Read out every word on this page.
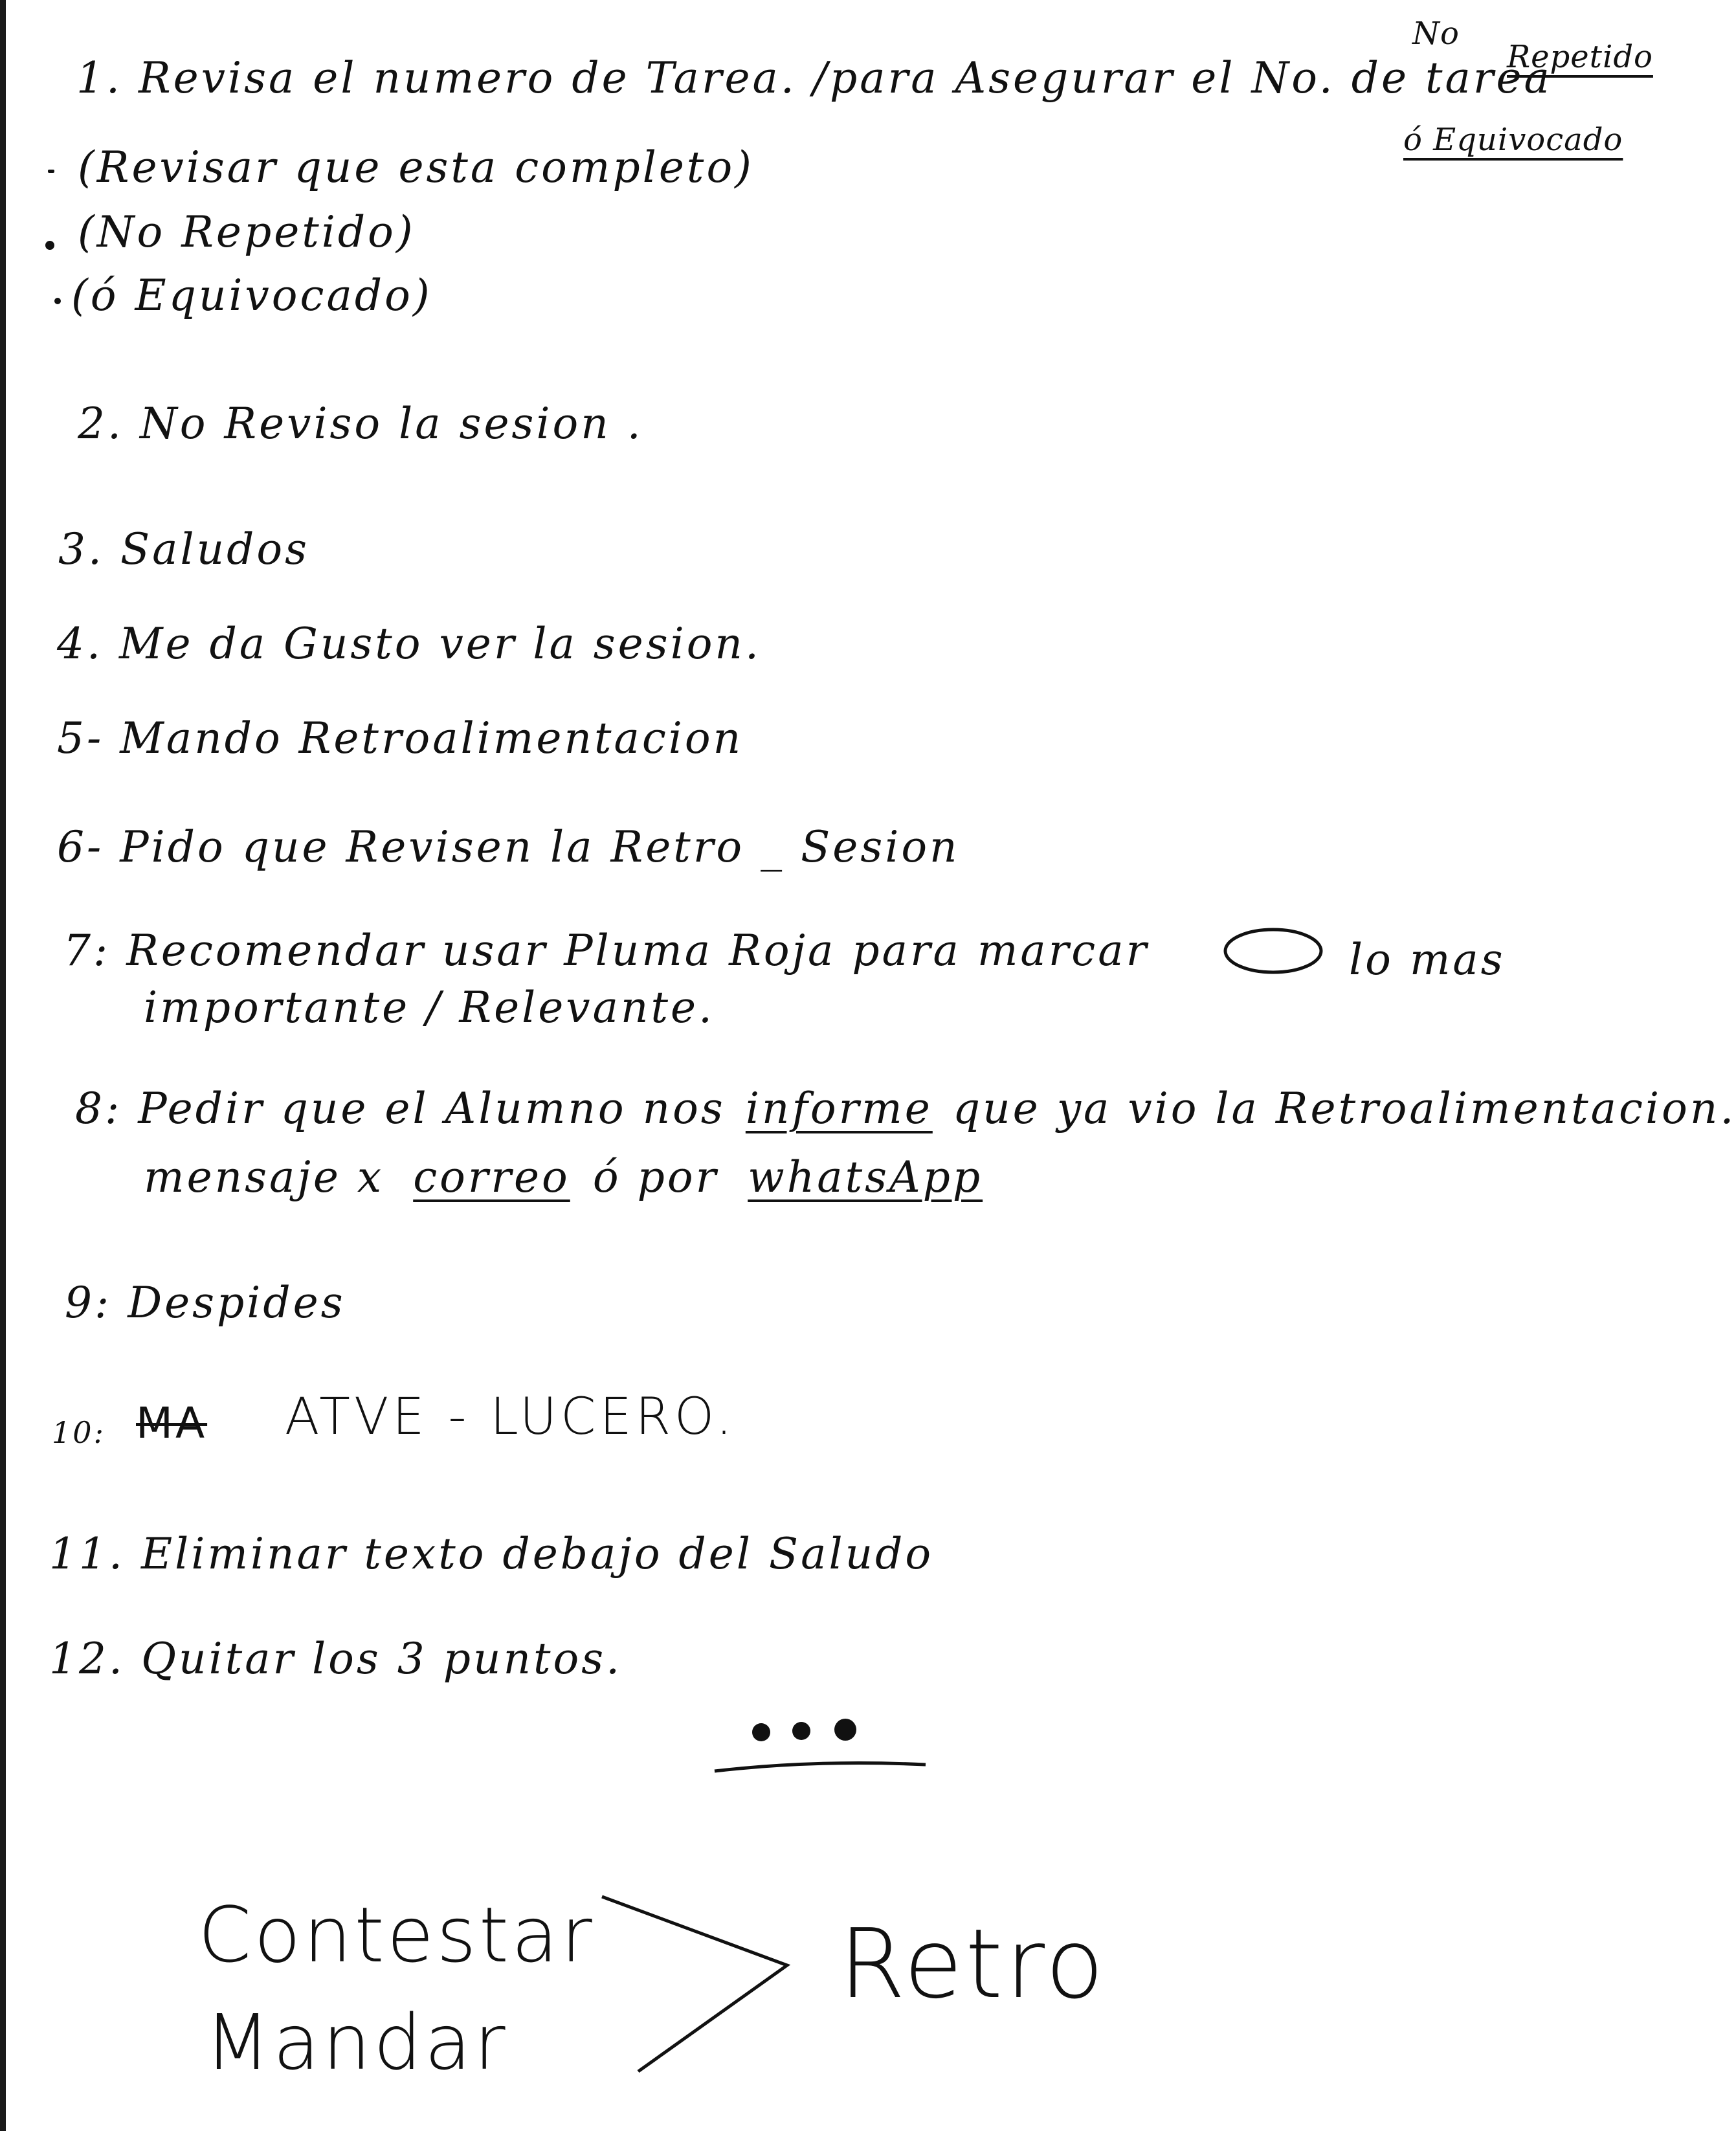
1. Revisa el numero de Tarea. /para Asegurar el No. de tarea
No
Repetido
ó Equivocado
(Revisar que esta completo)
(No Repetido)
(ó Equivocado)
2. No Reviso la sesion .
3. Saludos
4. Me da Gusto ver la sesion.
5- Mando Retroalimentacion
6- Pido que Revisen la Retro _ Sesion
7: Recomendar usar Pluma Roja para marcar	lo mas
importante / Relevante.
8: Pedir que el Alumno nos informe que ya vio la Retroalimentacion.
mensaje x correo ó por whatsApp
9: Despides
10: MA ATVE - LUCERO.
11. Eliminar texto debajo del Saludo
12. Quitar los 3 puntos.
Contestar
Mandar
Retro
